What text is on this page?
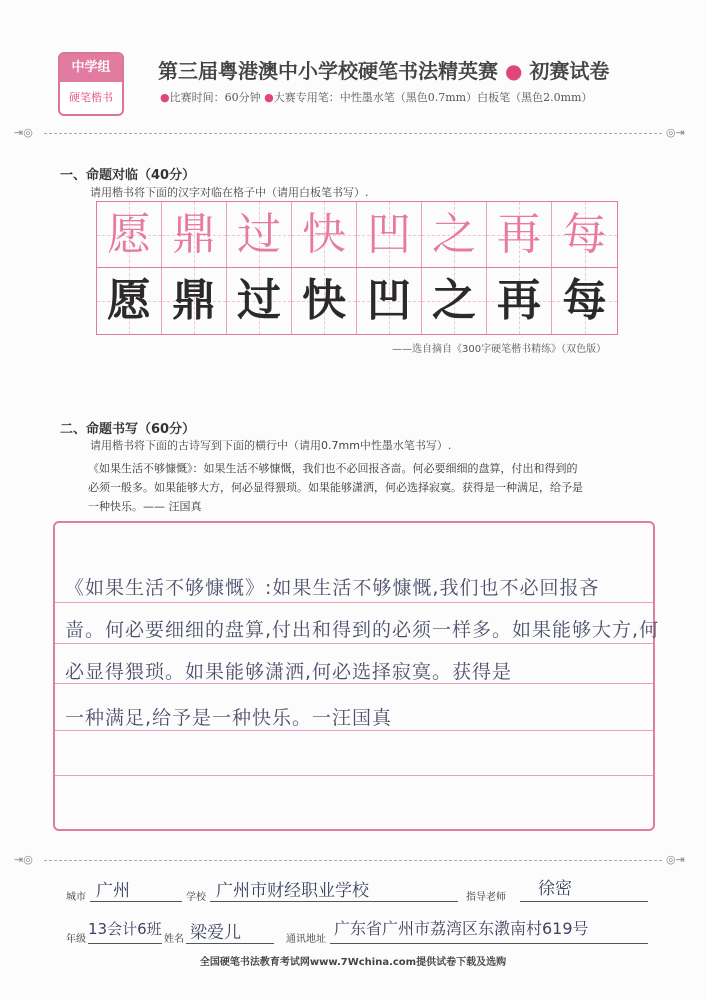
中学组
硬笔楷书
第三届粤港澳中小学校硬笔书法精英赛 ● 初赛试卷
●比赛时间：60分钟 ●大赛专用笔：中性墨水笔（黑色0.7mm）白板笔（黑色2.0mm）
⇥◎	◎⇥
一、命题对临（40分）
请用楷书将下面的汉字对临在格子中（请用白板笔书写）.
愿 鼎 过 快 凹 之 再 每
愿 鼎 过 快 凹 之 再 每
——选自摘自《300字硬笔楷书精练》（双色版）
二、命题书写（60分）
请用楷书将下面的古诗写到下面的横行中（请用0.7mm中性墨水笔书写）.
《如果生活不够慷慨》：如果生活不够慷慨，我们也不必回报吝啬。何必要细细的盘算，付出和得到的
必须一般多。如果能够大方，何必显得猥琐。如果能够潇洒，何必选择寂寞。获得是一种满足，给予是
一种快乐。—— 汪国真
《如果生活不够慷慨》:如果生活不够慷慨,我们也不必回报吝
啬。何必要细细的盘算,付出和得到的必须一样多。如果能够大方,何
必显得猥琐。如果能够潇洒,何必选择寂寞。获得是
一种满足,给予是一种快乐。一汪国真
⇥◎	◎⇥
城市 广州	学校 广州市财经职业学校	指导老师 徐密
年级
13会计6班
姓名 梁爱儿	通讯地址
广东省广州市荔湾区东漖南村619号
全国硬笔书法教育考试网www.7Wchina.com提供试卷下载及选购
